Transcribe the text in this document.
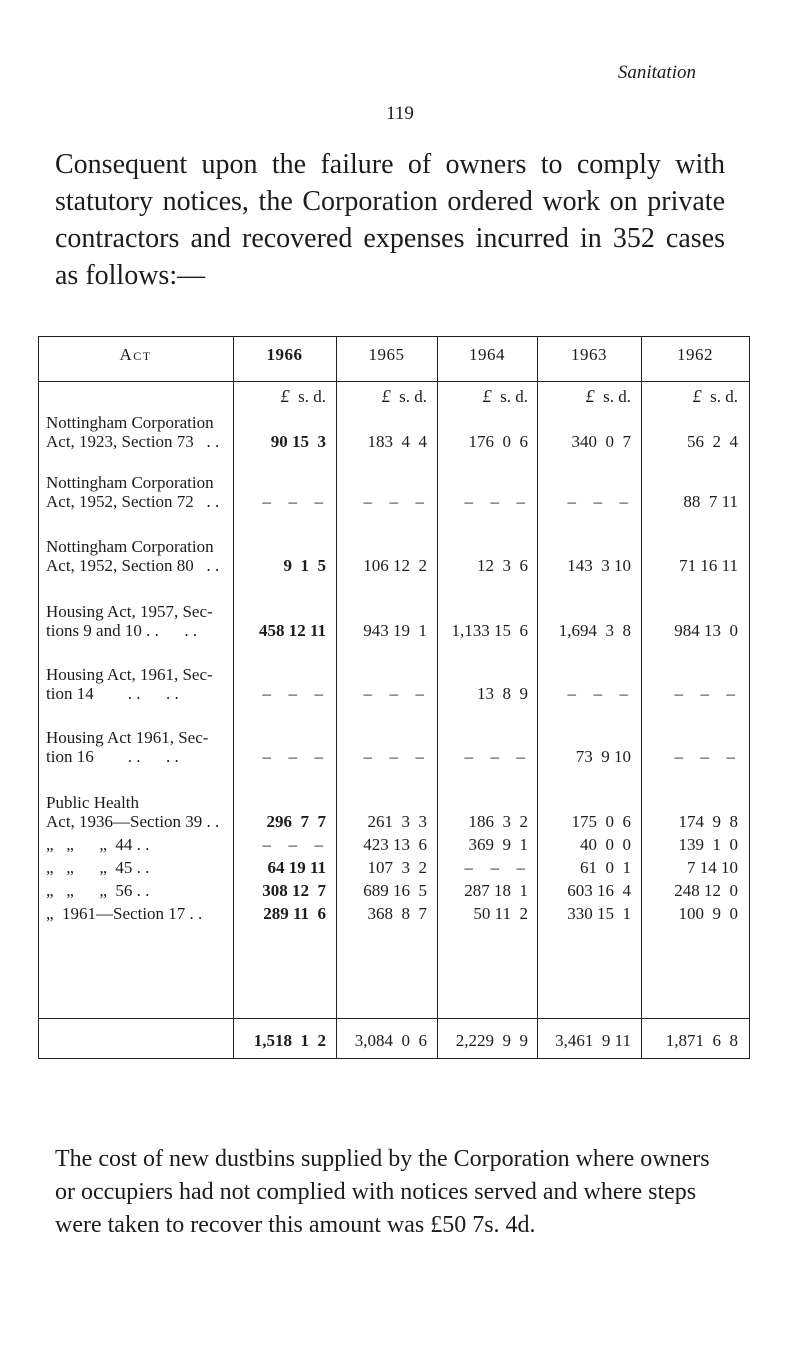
Sanitation
119

Consequent upon the failure of owners to comply with statutory notices, the Corporation ordered work on private contractors and recovered expenses incurred in 352 cases as follows:—

Act	1966	1965	1964	1963	1962
£ s. d.	£ s. d.	£ s. d.	£ s. d.	£ s. d.
Nottingham Corporation
Act, 1923, Section 73   . .	90 15  3	183  4  4	176  0  6	340  0  7	56  2  4
Nottingham Corporation
Act, 1952, Section 72   . .	–  –  –	–  –  –	–  –  –	–  –  –	88  7 11
Nottingham Corporation
Act, 1952, Section 80   . .	9  1  5	106 12  2	12  3  6	143  3 10	71 16 11
Housing Act, 1957, Sec-
tions 9 and 10 . .      . .	458 12 11	943 19  1	1,133 15  6	1,694  3  8	984 13  0
Housing Act, 1961, Sec-
tion 14        . .      . .	–  –  –	–  –  –	13  8  9	–  –  –	–  –  –
Housing Act 1961, Sec-
tion 16        . .      . .	–  –  –	–  –  –	–  –  –	73  9 10	–  –  –
Public Health
Act, 1936—Section 39 . .	296  7  7	261  3  3	186  3  2	175  0  6	174  9  8
„   „      „  44 . .	–  –  –	423 13  6	369  9  1	40  0  0	139  1  0
„   „      „  45 . .	64 19 11	107  3  2	–  –  –	61  0  1	7 14 10
„   „      „  56 . .	308 12  7	689 16  5	287 18  1	603 16  4	248 12  0
„  1961—Section 17 . .	289 11  6	368  8  7	50 11  2	330 15  1	100  9  0
1,518  1  2	3,084  0  6	2,229  9  9	3,461  9 11	1,871  6  8

The cost of new dustbins supplied by the Corporation where owners or occupiers had not complied with notices served and where steps were taken to recover this amount was £50 7s. 4d.
